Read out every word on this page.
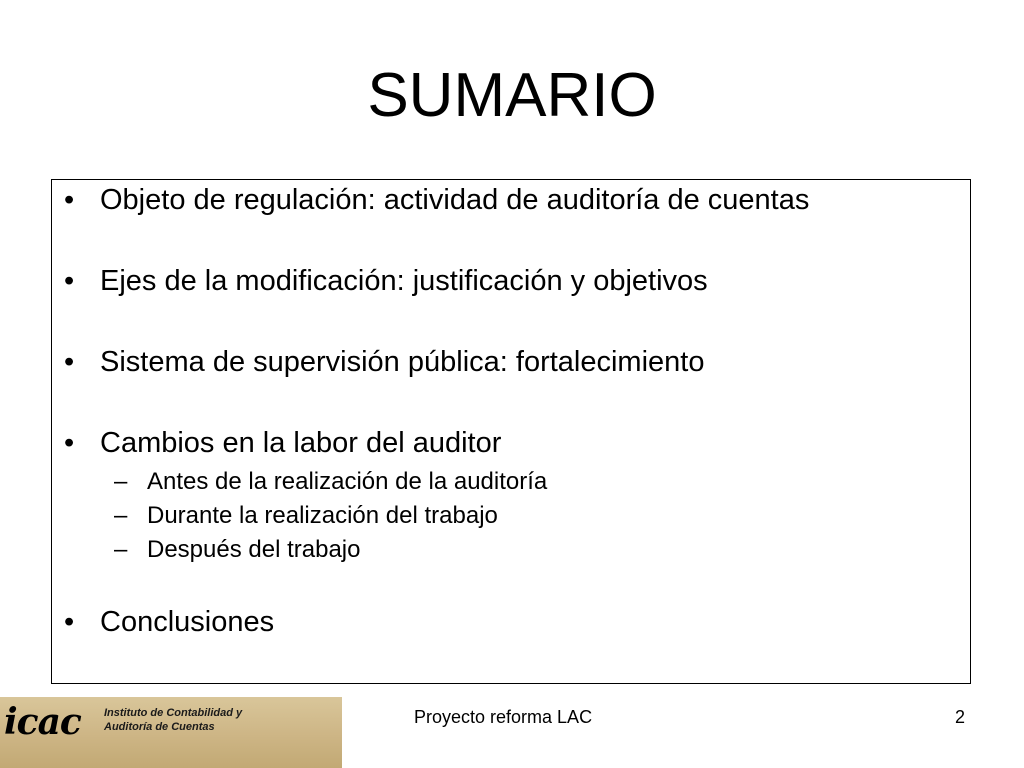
SUMARIO
• Objeto de regulación: actividad de auditoría de cuentas
• Ejes de la modificación: justificación y objetivos
• Sistema de supervisión pública: fortalecimiento
• Cambios en la labor del auditor
– Antes de la realización de la auditoría
– Durante la realización del trabajo
– Después del trabajo
• Conclusiones
icac Instituto de Contabilidad y
Auditoría de Cuentas	Proyecto reforma LAC	2
